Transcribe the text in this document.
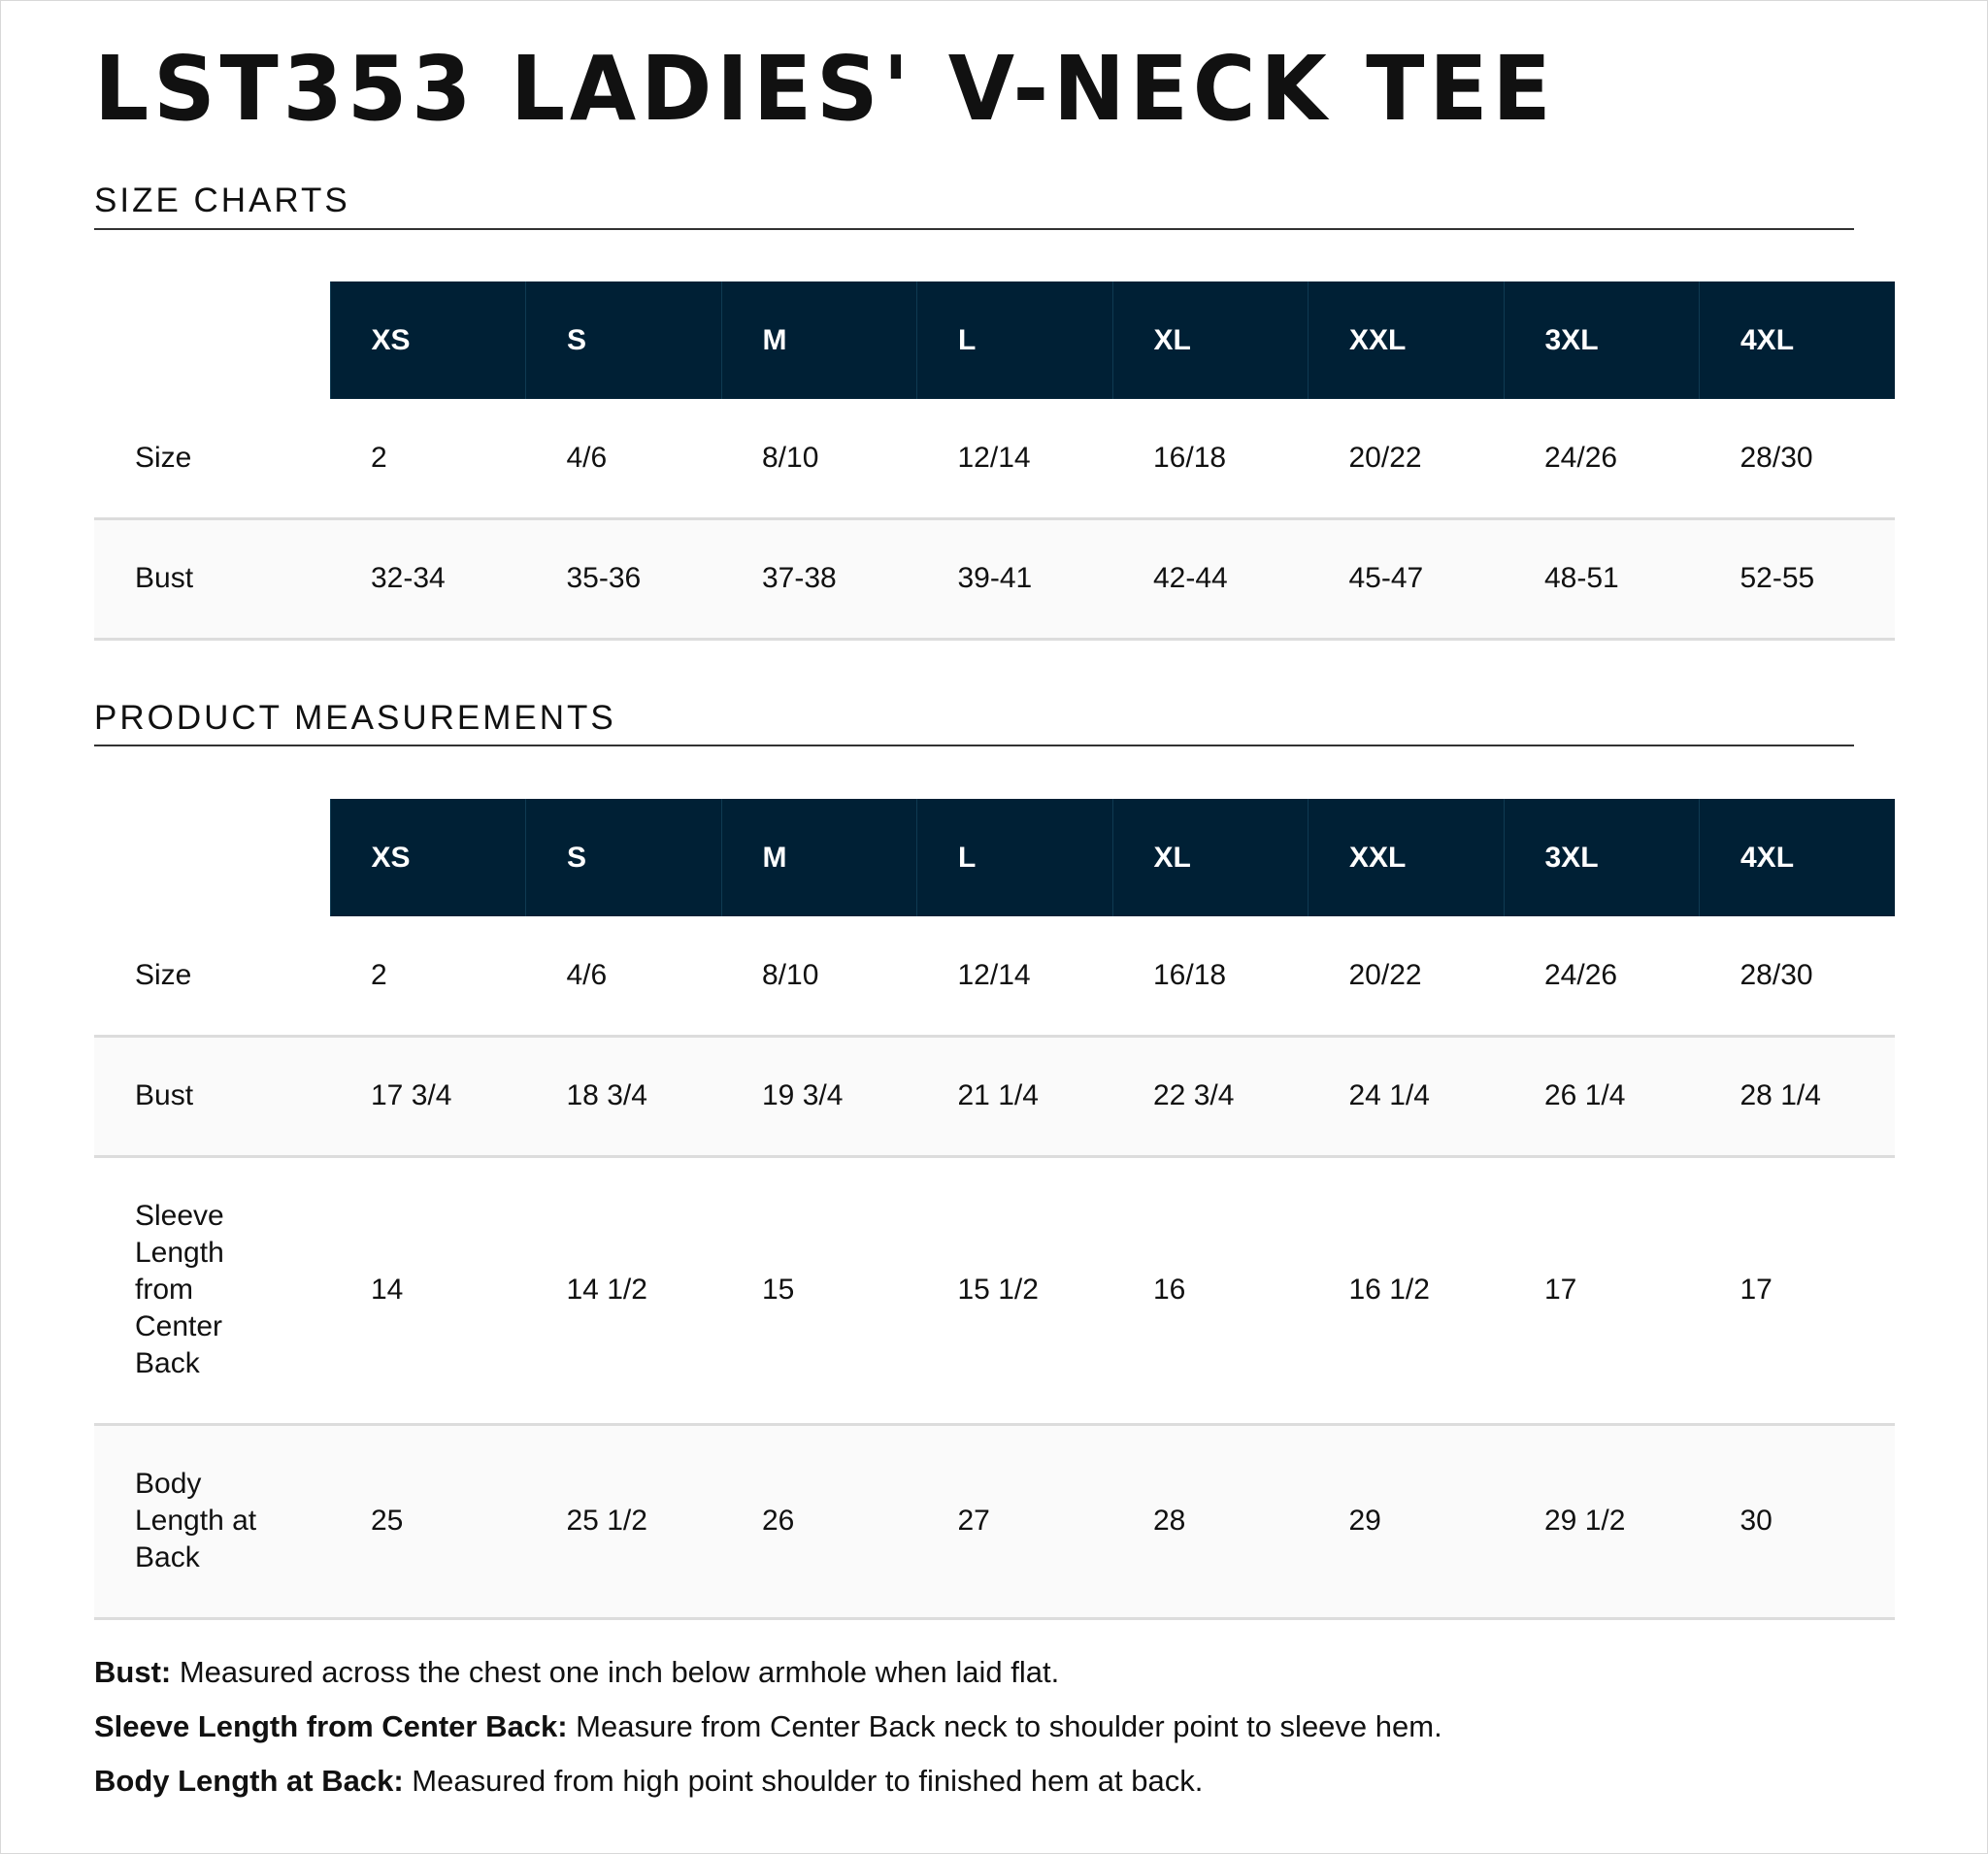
LST353 LADIES' V-NECK TEE
SIZE CHARTS
	XS	S	M	L	XL	XXL	3XL	4XL
Size	2	4/6	8/10	12/14	16/18	20/22	24/26	28/30
Bust	32-34	35-36	37-38	39-41	42-44	45-47	48-51	52-55
PRODUCT MEASUREMENTS
	XS	S	M	L	XL	XXL	3XL	4XL
Size	2	4/6	8/10	12/14	16/18	20/22	24/26	28/30
Bust	17 3/4	18 3/4	19 3/4	21 1/4	22 3/4	24 1/4	26 1/4	28 1/4

Sleeve
Length
from
Center
Back	14	14 1/2	15	15 1/2	16	16 1/2	17	17

Body
Length at
Back	25	25 1/2	26	27	28	29	29 1/2	30
Bust: Measured across the chest one inch below armhole when laid flat.
Sleeve Length from Center Back: Measure from Center Back neck to shoulder point to sleeve hem.
Body Length at Back: Measured from high point shoulder to finished hem at back.
